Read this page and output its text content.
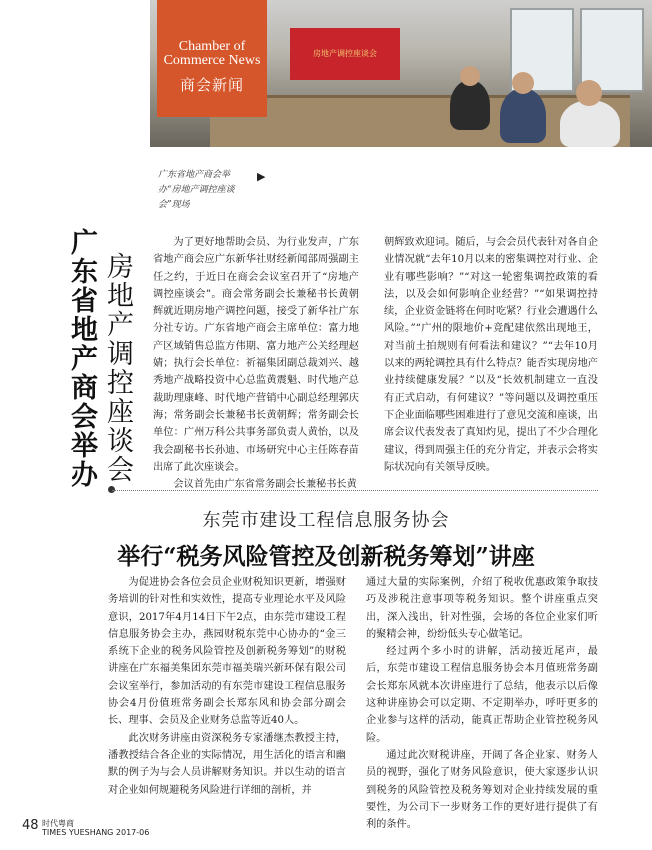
房地产调控座谈会
Chamber of Commerce News
商会新闻
广东省地产商会举办“房地产调控座谈会”现场
▶
广东省地产商会举办 房地产调控座谈会

为了更好地帮助会员、为行业发声，广东省地产商会应广东新华社财经新闻部周强副主任之约，于近日在商会会议室召开了“房地产调控座谈会”。商会常务副会长兼秘书长黄朝辉就近期房地产调控问题，接受了新华社广东分社专访。广东省地产商会主席单位：富力地产区域销售总监方伟期、富力地产公关经理赵婧；执行会长单位：祈福集团副总裁刘兴、越秀地产战略投资中心总监黄震魁、时代地产总裁助理康峰、时代地产营销中心副总经理郭庆海；常务副会长兼秘书长黄朝辉；常务副会长单位：广州万科公共事务部负责人黄怡，以及我会副秘书长孙迪、市场研究中心主任陈春苗出席了此次座谈会。

会议首先由广东省常务副会长兼秘书长黄

朝辉致欢迎词。随后，与会会员代表针对各自企业情况就“去年10月以来的密集调控对行业、企业有哪些影响？”“对这一轮密集调控政策的看法，以及会如何影响企业经营？”“如果调控持续，企业资金链将在何时吃紧？行业会遭遇什么风险。”“广州的限地价+竞配建依然出现地王，对当前土拍规则有何看法和建议？”“去年10月以来的两轮调控具有什么特点？能否实现房地产业持续健康发展？”以及“长效机制建立一直没有正式启动，有何建议？”等问题以及调控重压下企业面临哪些困难进行了意见交流和座谈，出席会议代表发表了真知灼见，提出了不少合理化建议，得到周强主任的充分肯定，并表示会将实际状况向有关领导反映。

东莞市建设工程信息服务协会
举行“税务风险管控及创新税务筹划”讲座

为促进协会各位会员企业财税知识更新，增强财务培训的针对性和实效性，提高专业理论水平及风险意识，2017年4月14日下午2点，由东莞市建设工程信息服务协会主办，燕园财税东莞中心协办的“金三系统下企业的税务风险管控及创新税务筹划”的财税讲座在广东福美集团东莞市福美瑞兴新环保有限公司会议室举行，参加活动的有东莞市建设工程信息服务协会4月份值班常务副会长郑东风和协会部分副会长、理事、会员及企业财务总监等近40人。

此次财务讲座由资深税务专家潘继杰教授主持，潘教授结合各企业的实际情况，用生活化的语言和幽默的例子为与会人员讲解财务知识。并以生动的语言对企业如何规避税务风险进行详细的剖析，并

通过大量的实际案例，介绍了税收优惠政策争取技巧及涉税注意事项等税务知识。整个讲座重点突出，深入浅出，针对性强，会场的各位企业家们听的聚精会神，纷纷低头专心做笔记。

经过两个多小时的讲解，活动接近尾声，最后，东莞市建设工程信息服务协会本月值班常务副会长郑东风就本次讲座进行了总结，他表示以后像这种讲座协会可以定期、不定期举办，呼吁更多的企业参与这样的活动，能真正帮助企业管控税务风险。

通过此次财税讲座，开阔了各企业家、财务人员的视野，强化了财务风险意识，使大家逐步认识到税务的风险管控及税务筹划对企业持续发展的重要性，为公司下一步财务工作的更好进行提供了有利的条件。

48 时代粤商
TIMES YUESHANG 2017-06
